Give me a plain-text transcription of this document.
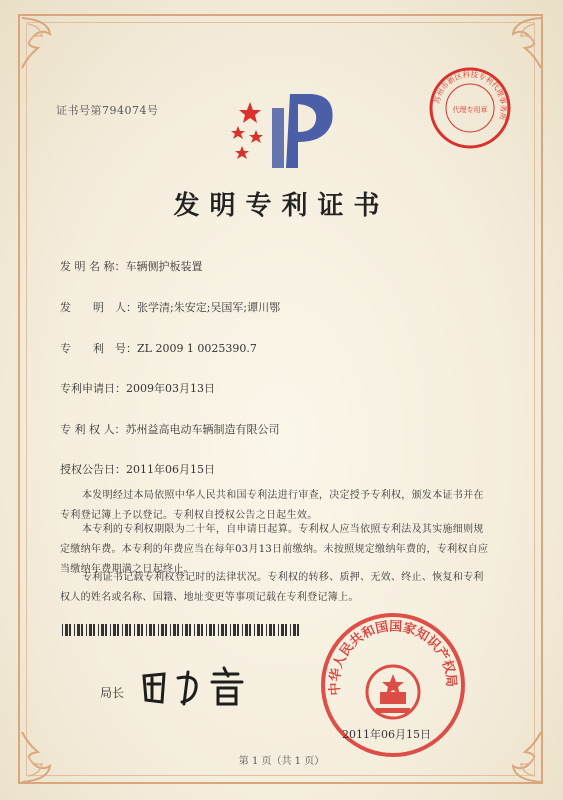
证书号第794074号
苏州市新区科技专利代理事务所
代理专用章
发明专利证书
发 明 名 称：车辆侧护板装置
发　　明　人：张学清;朱安定;吴国军;谭川鄂
专　　利　号：ZL 2009 1 0025390.7
专利申请日：2009年03月13日
专 利 权 人：苏州益高电动车辆制造有限公司
授权公告日：2011年06月15日
本发明经过本局依照中华人民共和国专利法进行审查，决定授予专利权，颁发本证书并在专利登记簿上予以登记。专利权自授权公告之日起生效。
本专利的专利权期限为二十年，自申请日起算。专利权人应当依照专利法及其实施细则规定缴纳年费。本专利的年费应当在每年03月13日前缴纳。未按照规定缴纳年费的，专利权自应当缴纳年费期满之日起终止。
专利证书记载专利权登记时的法律状况。专利权的转移、质押、无效、终止、恢复和专利权人的姓名或名称、国籍、地址变更等事项记载在专利登记簿上。
局长	中华人民共和国国家知识产权局
2011年06月15日
第 1 页（共 1 页）
